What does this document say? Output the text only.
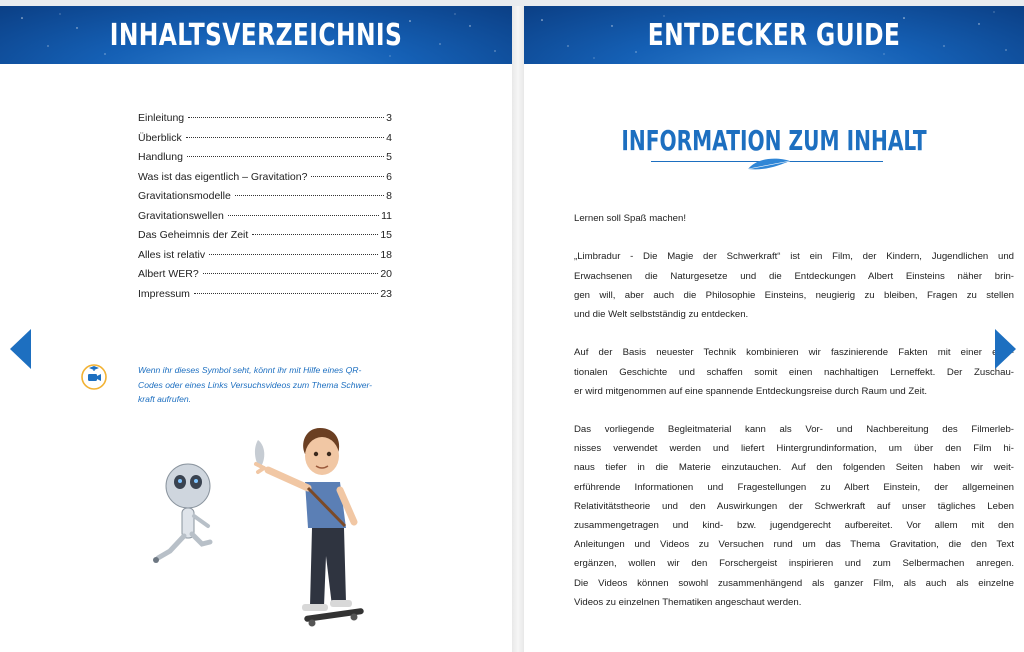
INHALTSVERZEICHNIS
Einleitung	3
Überblick	4
Handlung	5
Was ist das eigentlich – Gravitation?	6
Gravitationsmodelle	8
Gravitationswellen	11
Das Geheimnis der Zeit	15
Alles ist relativ	18
Albert WER?	20
Impressum	23

Wenn ihr dieses Symbol seht, könnt ihr mit Hilfe eines QR-

Codes oder eines Links Versuchsvideos zum Thema Schwer-

kraft aufrufen.

ENTDECKER GUIDE
INFORMATION ZUM INHALT
Lernen soll Spaß machen!
„Limbradur - Die Magie der Schwerkraft“ ist ein Film, der Kindern, Jugendlichen und
Erwachsenen die Naturgesetze und die Entdeckungen Albert Einsteins näher brin-
gen will, aber auch die Philosophie Einsteins, neugierig zu bleiben, Fragen zu stellen
und die Welt selbstständig zu entdecken.
Auf der Basis neuester Technik kombinieren wir faszinierende Fakten mit einer emo-
tionalen Geschichte und schaffen somit einen nachhaltigen Lerneffekt. Der Zuschau-
er wird mitgenommen auf eine spannende Entdeckungsreise durch Raum und Zeit.
Das vorliegende Begleitmaterial kann als Vor- und Nachbereitung des Filmerleb-
nisses verwendet werden und liefert Hintergrundinformation, um über den Film hi-
naus tiefer in die Materie einzutauchen. Auf den folgenden Seiten haben wir weit-
erführende Informationen und Fragestellungen zu Albert Einstein, der allgemeinen
Relativitätstheorie und den Auswirkungen der Schwerkraft auf unser tägliches Leben
zusammengetragen und kind- bzw. jugendgerecht aufbereitet. Vor allem mit den
Anleitungen und Videos zu Versuchen rund um das Thema Gravitation, die den Text
ergänzen, wollen wir den Forschergeist inspirieren und zum Selbermachen anregen.
Die Videos können sowohl zusammenhängend als ganzer Film, als auch als einzelne
Videos zu einzelnen Thematiken angeschaut werden.
